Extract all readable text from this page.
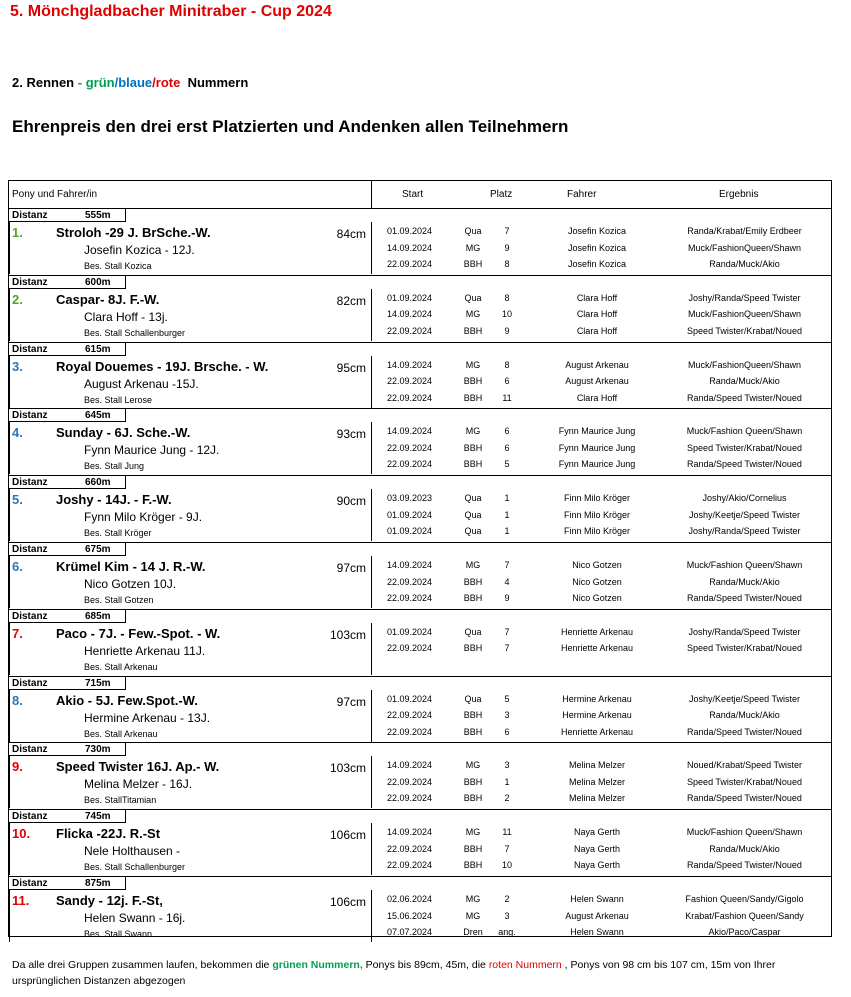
5. Mönchgladbacher Minitraber - Cup 2024
2. Rennen - grün/blaue/rote Nummern
Ehrenpreis den drei erst Platzierten und Andenken allen Teilnehmern
Pony und Fahrer/in	Start	Platz	Fahrer	Ergebnis
Distanz	555m
1.	Stroloh -29 J. BrSche.-W.	84cm
Josefin Kozica - 12J.
Bes. Stall Kozica
01.09.2024	Qua	7	Josefin Kozica	Randa/Krabat/Emily Erdbeer
14.09.2024	MG	9	Josefin Kozica	Muck/FashionQueen/Shawn
22.09.2024	BBH	8	Josefin Kozica	Randa/Muck/Akio
Distanz	600m
2.	Caspar- 8J. F.-W.	82cm
Clara Hoff - 13j.
Bes. Stall Schallenburger
01.09.2024	Qua	8	Clara Hoff	Joshy/Randa/Speed Twister
14.09.2024	MG	10	Clara Hoff	Muck/FashionQueen/Shawn
22.09.2024	BBH	9	Clara Hoff	Speed Twister/Krabat/Noued
Distanz	615m
3.	Royal Douemes - 19J. Brsche. - W.	95cm
August Arkenau -15J.
Bes. Stall Lerose
14.09.2024	MG	8	August Arkenau	Muck/FashionQueen/Shawn
22.09.2024	BBH	6	August Arkenau	Randa/Muck/Akio
22.09.2024	BBH	11	Clara Hoff	Randa/Speed Twister/Noued
Distanz	645m
4.	Sunday - 6J. Sche.-W.	93cm
Fynn Maurice Jung - 12J.
Bes. Stall Jung
14.09.2024	MG	6	Fynn Maurice Jung	Muck/Fashion Queen/Shawn
22.09.2024	BBH	6	Fynn Maurice Jung	Speed Twister/Krabat/Noued
22.09.2024	BBH	5	Fynn Maurice Jung	Randa/Speed Twister/Noued
Distanz	660m
5.	Joshy - 14J. - F.-W.	90cm
Fynn Milo Kröger - 9J.
Bes. Stall Kröger
03.09.2023	Qua	1	Finn Milo Kröger	Joshy/Akio/Cornelius
01.09.2024	Qua	1	Finn Milo Kröger	Joshy/Keetje/Speed Twister
01.09.2024	Qua	1	Finn Milo Kröger	Joshy/Randa/Speed Twister
Distanz	675m
6.	Krümel Kim - 14 J. R.-W.	97cm
Nico Gotzen 10J.
Bes. Stall Gotzen
14.09.2024	MG	7	Nico Gotzen	Muck/Fashion Queen/Shawn
22.09.2024	BBH	4	Nico Gotzen	Randa/Muck/Akio
22.09.2024	BBH	9	Nico Gotzen	Randa/Speed Twister/Noued
Distanz	685m
7.	Paco - 7J. - Few.-Spot. - W.	103cm
Henriette Arkenau 11J.
Bes. Stall Arkenau
01.09.2024	Qua	7	Henriette Arkenau	Joshy/Randa/Speed Twister
22.09.2024	BBH	7	Henriette Arkenau	Speed Twister/Krabat/Noued
Distanz	715m
8.	Akio - 5J. Few.Spot.-W.	97cm
Hermine Arkenau - 13J.
Bes. Stall Arkenau
01.09.2024	Qua	5	Hermine Arkenau	Joshy/Keetje/Speed Twister
22.09.2024	BBH	3	Hermine Arkenau	Randa/Muck/Akio
22.09.2024	BBH	6	Henriette Arkenau	Randa/Speed Twister/Noued
Distanz	730m
9.	Speed Twister 16J. Ap.- W.	103cm
Melina Melzer - 16J.
Bes. StallTitamian
14.09.2024	MG	3	Melina Melzer	Noued/Krabat/Speed Twister
22.09.2024	BBH	1	Melina Melzer	Speed Twister/Krabat/Noued
22.09.2024	BBH	2	Melina Melzer	Randa/Speed Twister/Noued
Distanz	745m
10. Flicka -22J. R.-St	106cm
Nele Holthausen -
Bes. Stall Schallenburger
14.09.2024	MG	11	Naya Gerth	Muck/Fashion Queen/Shawn
22.09.2024	BBH	7	Naya Gerth	Randa/Muck/Akio
22.09.2024	BBH	10	Naya Gerth	Randa/Speed Twister/Noued
Distanz	875m
11. Sandy - 12j. F.-St,	106cm
Helen Swann - 16j.
Bes. Stall Swann
02.06.2024	MG	2	Helen Swann	Fashion Queen/Sandy/Gigolo
15.06.2024	MG	3	August Arkenau	Krabat/Fashion Queen/Sandy
07.07.2024	Dren	ang.	Helen Swann	Akio/Paco/Caspar
Da alle drei Gruppen zusammen laufen, bekommen die grünen Nummern, Ponys bis 89cm, 45m, die roten Nummern , Ponys von 98 cm bis 107 cm, 15m von Ihrer ursprünglichen Distanzen abgezogen
